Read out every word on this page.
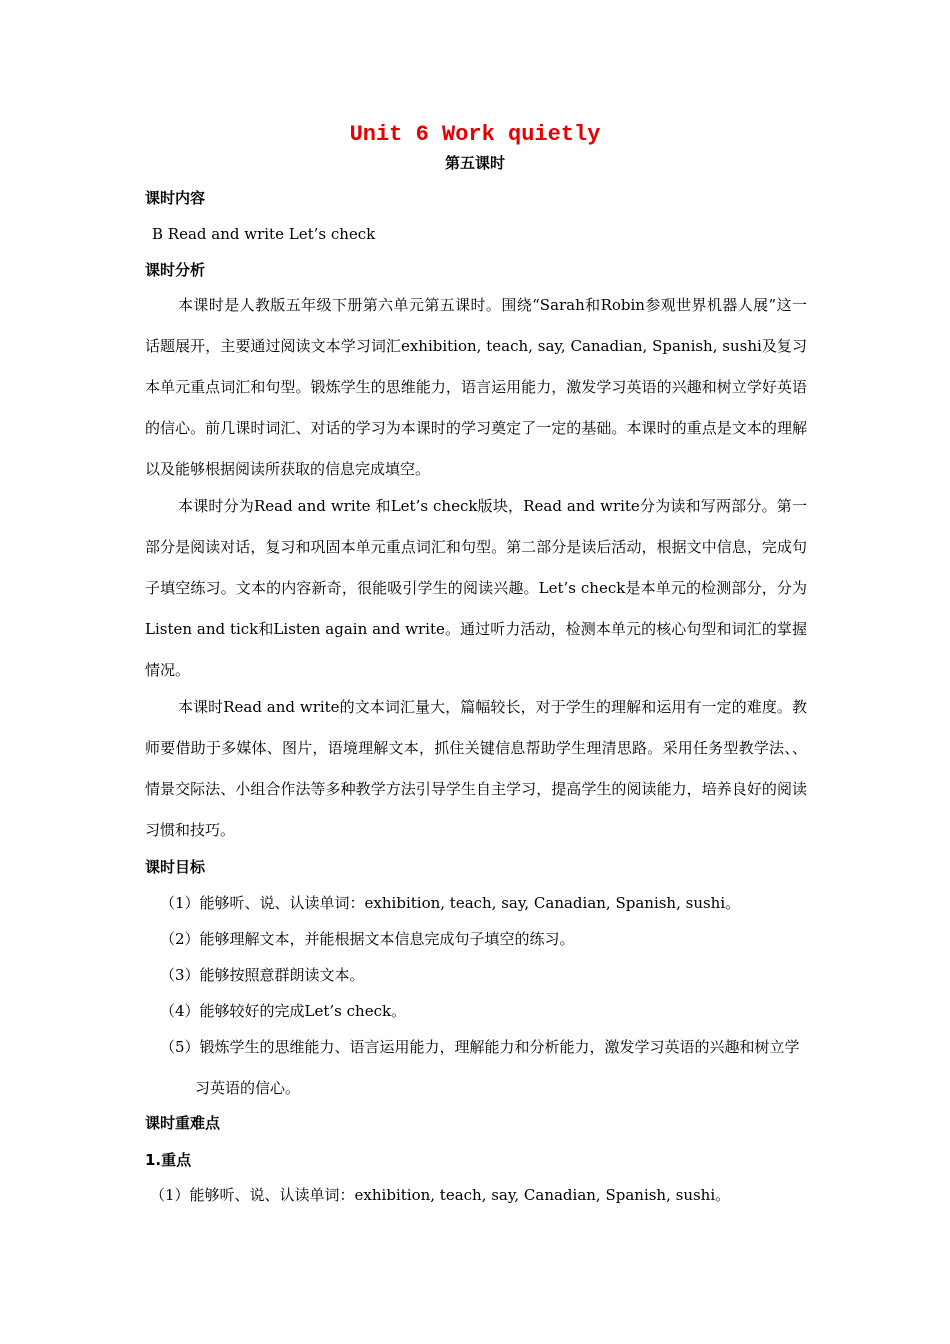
Unit 6 Work quietly
第五课时
课时内容
B Read and write Let’s check
课时分析
本课时是人教版五年级下册第六单元第五课时。围绕“Sarah和Robin参观世界机器人展”这一话题展开，主要通过阅读文本学习词汇exhibition, teach, say, Canadian, Spanish, sushi及复习本单元重点词汇和句型。锻炼学生的思维能力，语言运用能力，激发学习英语的兴趣和树立学好英语的信心。前几课时词汇、对话的学习为本课时的学习奠定了一定的基础。本课时的重点是文本的理解以及能够根据阅读所获取的信息完成填空。
本课时分为Read and write 和Let’s check版块，Read and write分为读和写两部分。第一部分是阅读对话，复习和巩固本单元重点词汇和句型。第二部分是读后活动，根据文中信息，完成句子填空练习。文本的内容新奇，很能吸引学生的阅读兴趣。Let’s check是本单元的检测部分，分为Listen and tick和Listen again and write。通过听力活动，检测本单元的核心句型和词汇的掌握情况。
本课时Read and write的文本词汇量大，篇幅较长，对于学生的理解和运用有一定的难度。教师要借助于多媒体、图片，语境理解文本，抓住关键信息帮助学生理清思路。采用任务型教学法、、情景交际法、小组合作法等多种教学方法引导学生自主学习，提高学生的阅读能力，培养良好的阅读习惯和技巧。
课时目标
（1）能够听、说、认读单词：exhibition, teach, say, Canadian, Spanish, sushi。
（2）能够理解文本，并能根据文本信息完成句子填空的练习。
（3）能够按照意群朗读文本。
（4）能够较好的完成Let’s check。
（5）锻炼学生的思维能力、语言运用能力，理解能力和分析能力，激发学习英语的兴趣和树立学习英语的信心。
课时重难点
1.重点
（1）能够听、说、认读单词：exhibition, teach, say, Canadian, Spanish, sushi。
